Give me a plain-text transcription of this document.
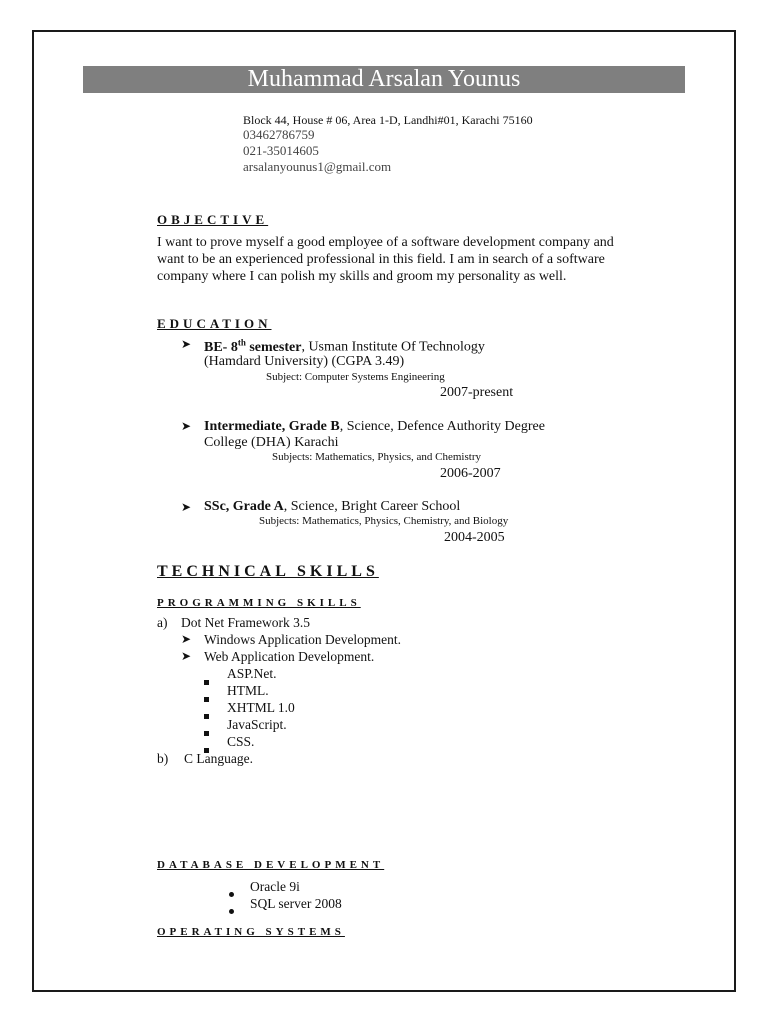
Muhammad Arsalan Younus
Block 44, House # 06, Area 1-D, Landhi#01, Karachi 75160
03462786759
021-35014605
arsalanyounus1@gmail.com
OBJECTIVE
I want to prove myself a good employee of a software development company and want to be an experienced professional in this field. I am in search of a software company where I can polish my skills and groom my personality as well.
EDUCATION
➤ BE- 8th semester, Usman Institute Of Technology
(Hamdard University) (CGPA 3.49)
Subject: Computer Systems Engineering
2007-present
➤ Intermediate, Grade B, Science, Defence Authority Degree
College (DHA) Karachi
Subjects: Mathematics, Physics, and Chemistry
2006-2007
➤ SSc, Grade A, Science, Bright Career School
Subjects: Mathematics, Physics, Chemistry, and Biology
2004-2005
TECHNICAL SKILLS
PROGRAMMING SKILLS
a) Dot Net Framework 3.5
➤ Windows Application Development.
➤ Web Application Development.
ASP.Net.
HTML.
XHTML 1.0
JavaScript.
CSS.
b) C Language.
DATABASE DEVELOPMENT
Oracle 9i
SQL server 2008
OPERATING SYSTEMS
